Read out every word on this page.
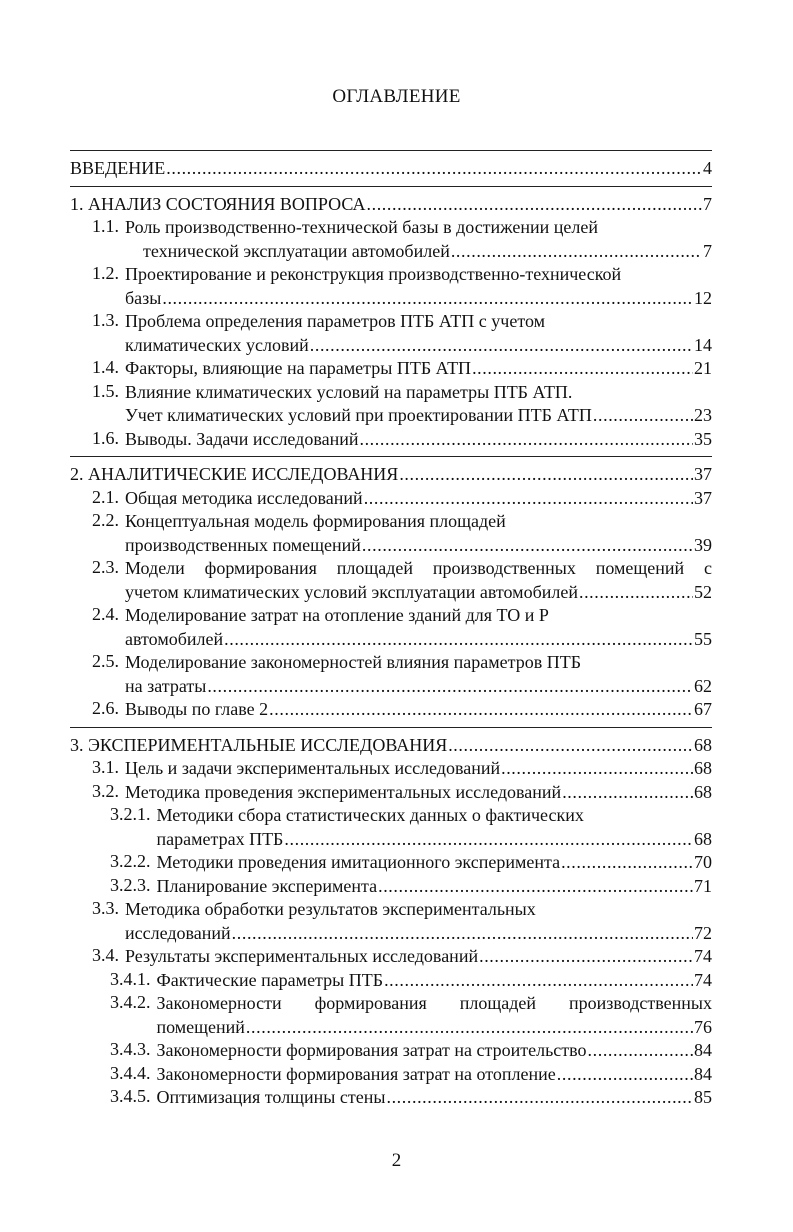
ОГЛАВЛЕНИЕ
ВВЕДЕНИЕ .....	4
1. АНАЛИЗ СОСТОЯНИЯ ВОПРОСА .....	7
1.1. Роль производственно-технической базы в достижении целей
технической эксплуатации автомобилей .....	7
1.2. Проектирование и реконструкция производственно-технической
базы .....	12
1.3. Проблема определения параметров ПТБ АТП с учетом
климатических условий .....	14
1.4. Факторы, влияющие на параметры ПТБ АТП .....	21
1.5. Влияние климатических условий на параметры ПТБ АТП.
Учет климатических условий при проектировании ПТБ АТП .....	23
1.6. Выводы. Задачи исследований .....	35
2. АНАЛИТИЧЕСКИЕ ИССЛЕДОВАНИЯ .....	37
2.1. Общая методика исследований .....	37
2.2. Концептуальная модель формирования площадей
производственных помещений .....	39
2.3. Модели формирования площадей производственных помещений с
учетом климатических условий эксплуатации автомобилей .....	52
2.4. Моделирование затрат на отопление зданий для ТО и Р
автомобилей .....	55
2.5. Моделирование закономерностей влияния параметров ПТБ
на затраты .....	62
2.6. Выводы по главе 2 .....	67
3. ЭКСПЕРИМЕНТАЛЬНЫЕ ИССЛЕДОВАНИЯ .....	68
3.1. Цель и задачи экспериментальных исследований .....	68
3.2. Методика проведения экспериментальных исследований .....	68
3.2.1. Методики сбора статистических данных о фактических
параметрах ПТБ .....	68
3.2.2. Методики проведения имитационного эксперимента .....	70
3.2.3. Планирование эксперимента .....	71
3.3. Методика обработки результатов экспериментальных
исследований .....	72
3.4. Результаты экспериментальных исследований .....	74
3.4.1. Фактические параметры ПТБ .....	74
3.4.2. Закономерности формирования площадей производственных
помещений .....	76
3.4.3. Закономерности формирования затрат на строительство .....	84
3.4.4. Закономерности формирования затрат на отопление .....	84
3.4.5. Оптимизация толщины стены .....	85
2
